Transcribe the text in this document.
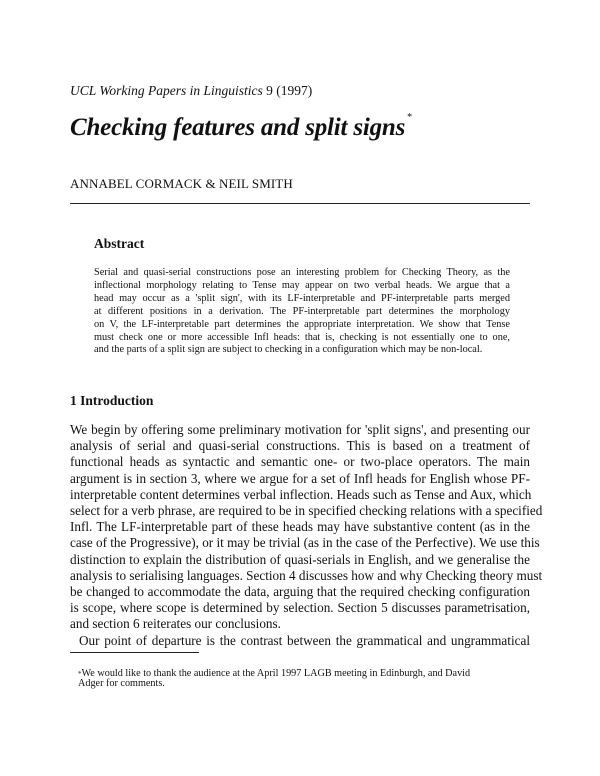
UCL Working Papers in Linguistics 9 (1997)
Checking features and split signs *
ANNABEL CORMACK & NEIL SMITH
Abstract
Serial and quasi-serial constructions pose an interesting problem for Checking Theory, as the
inflectional morphology relating to Tense may appear on two verbal heads. We argue that a
head may occur as a 'split sign', with its LF-interpretable and PF-interpretable parts merged
at different positions in a derivation. The PF-interpretable part determines the morphology
on V, the LF-interpretable part determines the appropriate interpretation. We show that Tense
must check one or more accessible Infl heads: that is, checking is not essentially one to one,
and the parts of a split sign are subject to checking in a configuration which may be non-local.
1 Introduction
We begin by offering some preliminary motivation for 'split signs', and presenting our
analysis of serial and quasi-serial constructions. This is based on a treatment of
functional heads as syntactic and semantic one- or two-place operators. The main
argument is in section 3, where we argue for a set of Infl heads for English whose PF-
interpretable content determines verbal inflection. Heads such as Tense and Aux, which
select for a verb phrase, are required to be in specified checking relations with a specified
Infl. The LF-interpretable part of these heads may have substantive content (as in the
case of the Progressive), or it may be trivial (as in the case of the Perfective). We use this
distinction to explain the distribution of quasi-serials in English, and we generalise the
analysis to serialising languages. Section 4 discusses how and why Checking theory must
be changed to accommodate the data, arguing that the required checking configuration
is scope, where scope is determined by selection. Section 5 discusses parametrisation,
and section 6 reiterates our conclusions.
Our point of departure is the contrast between the grammatical and ungrammatical
*We would like to thank the audience at the April 1997 LAGB meeting in Edinburgh, and David
Adger for comments.
